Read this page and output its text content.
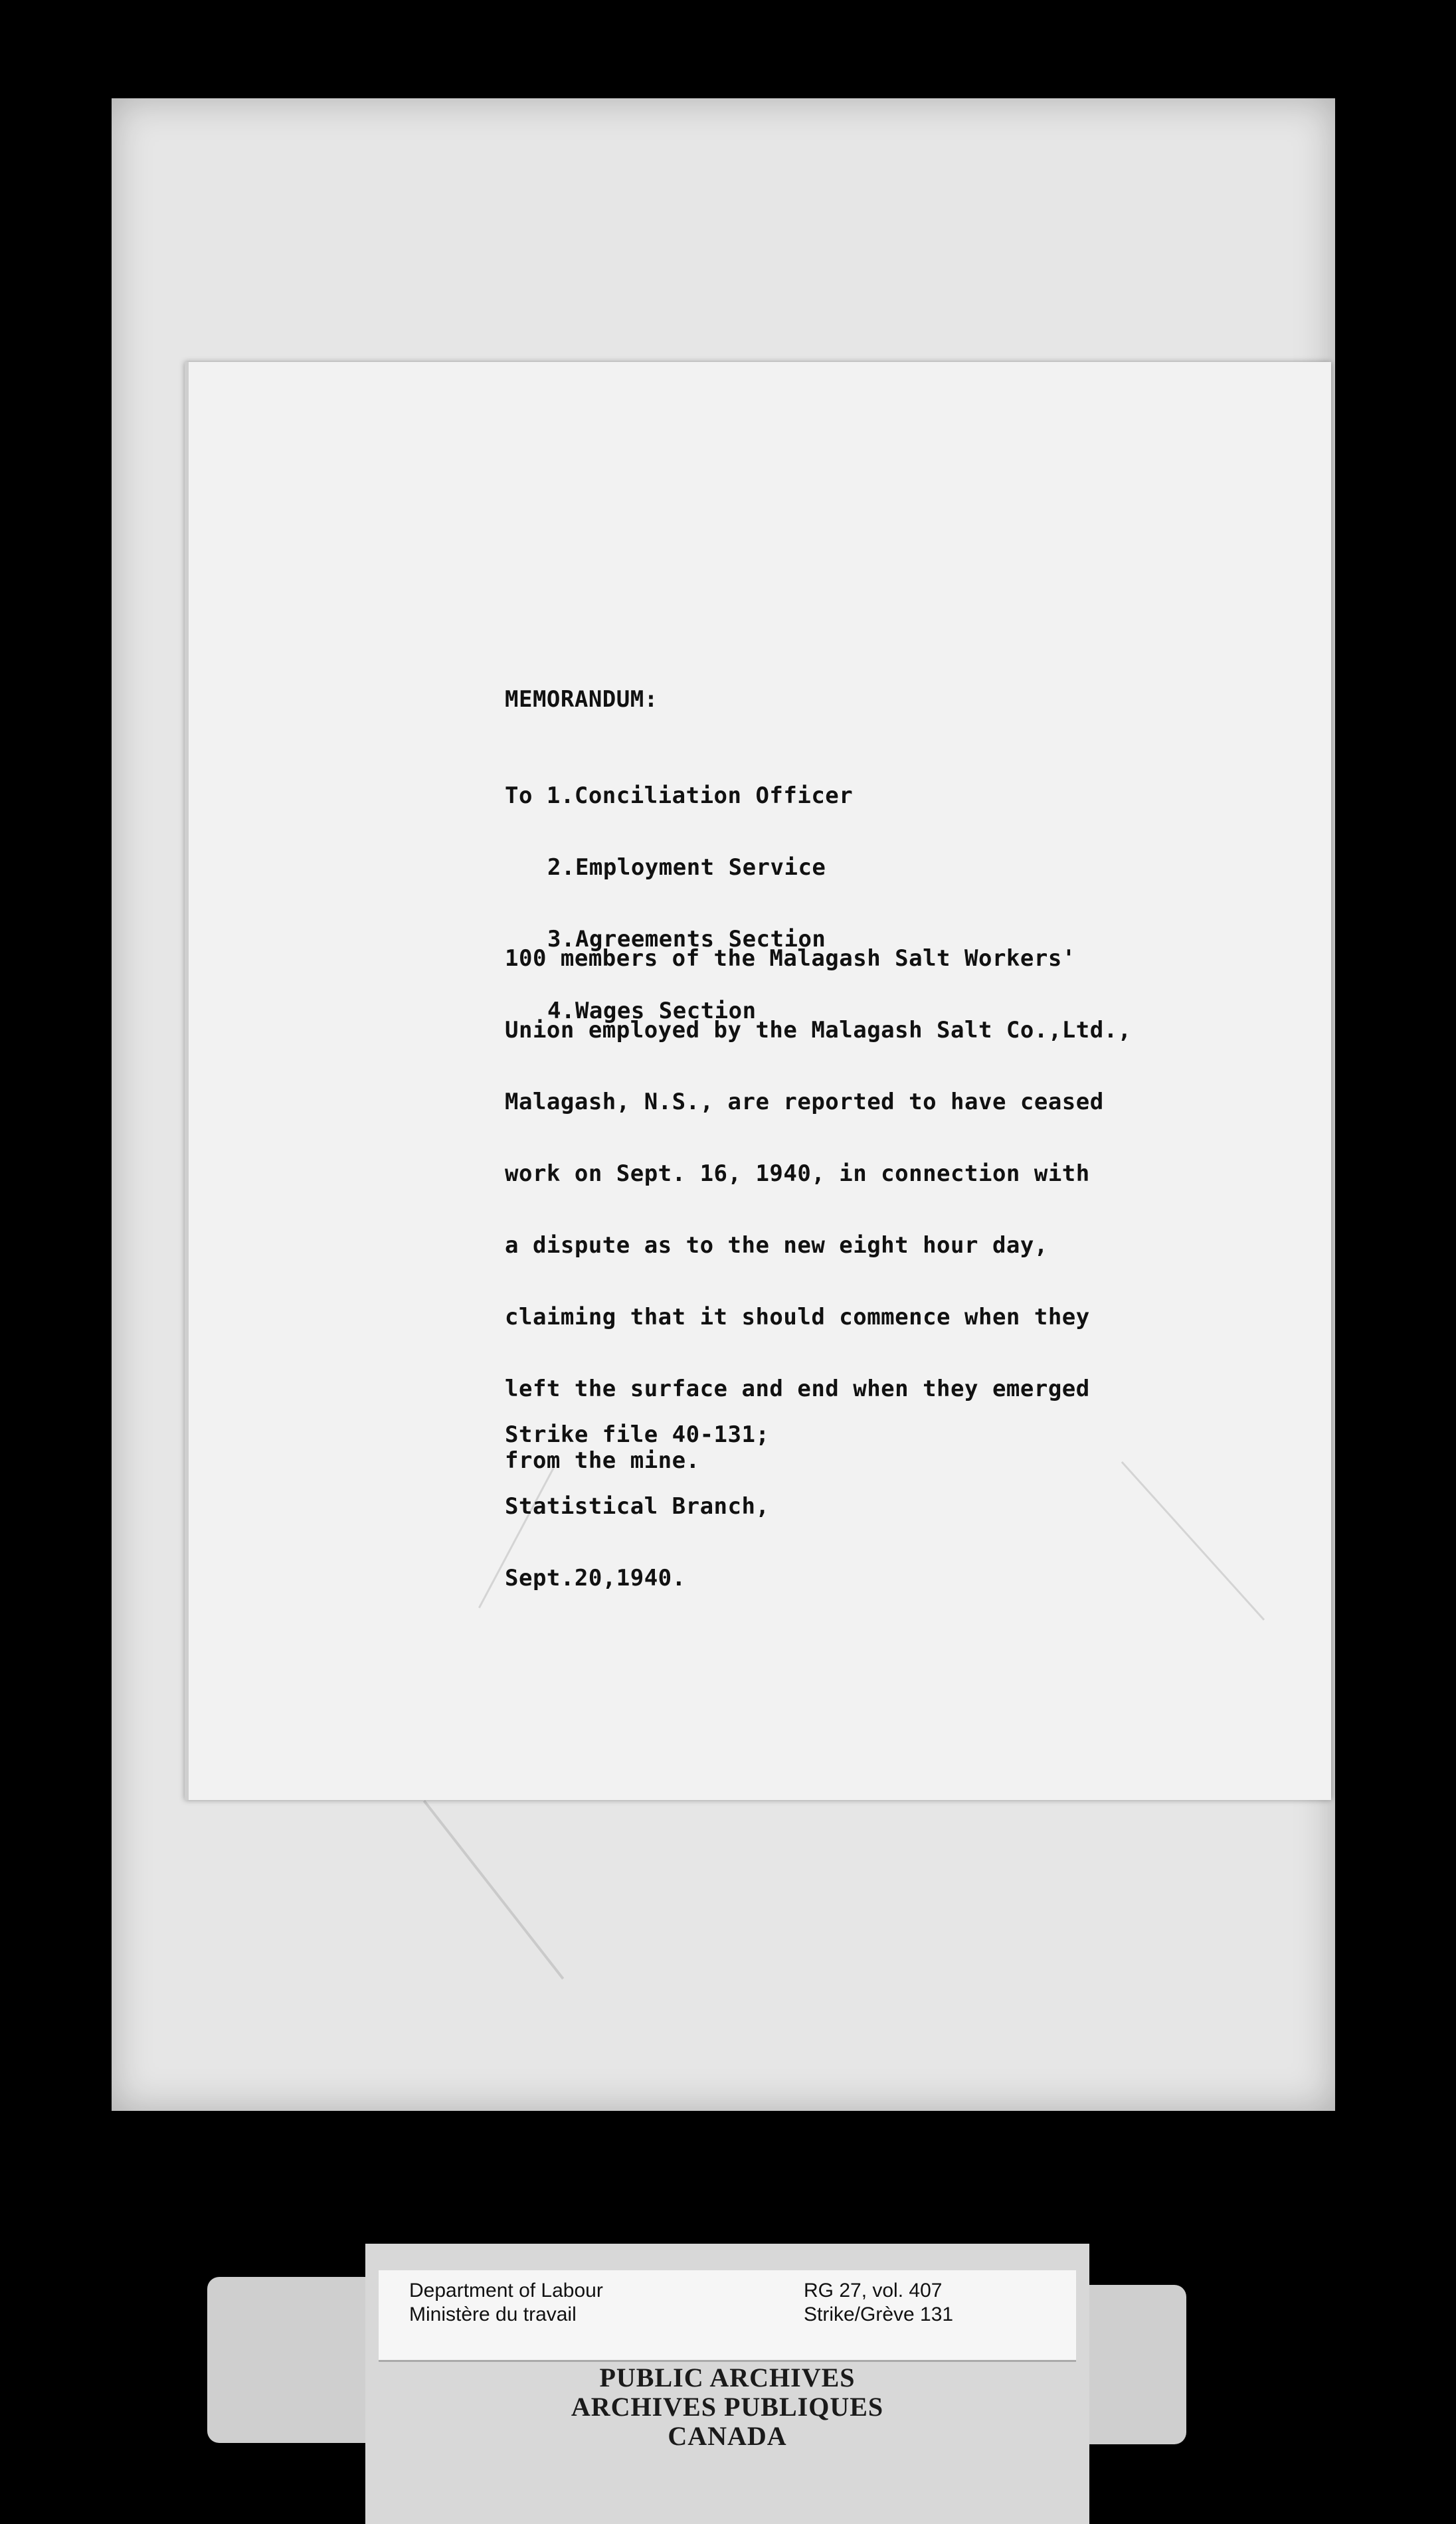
MEMORANDUM:

To 1.Conciliation Officer

2.Employment Service

3.Agreements Section

4.Wages Section

100 members of the Malagash Salt Workers'

Union employed by the Malagash Salt Co.,Ltd.,

Malagash, N.S., are reported to have ceased

work on Sept. 16, 1940, in connection with

a dispute as to the new eight hour day,

claiming that it should commence when they

left the surface and end when they emerged

from the mine.

Strike file 40-131;

Statistical Branch,

Sept.20,1940.

Department of Labour
Ministère du travail
RG 27, vol. 407
Strike/Grève 131
PUBLIC ARCHIVES
ARCHIVES PUBLIQUES
CANADA
